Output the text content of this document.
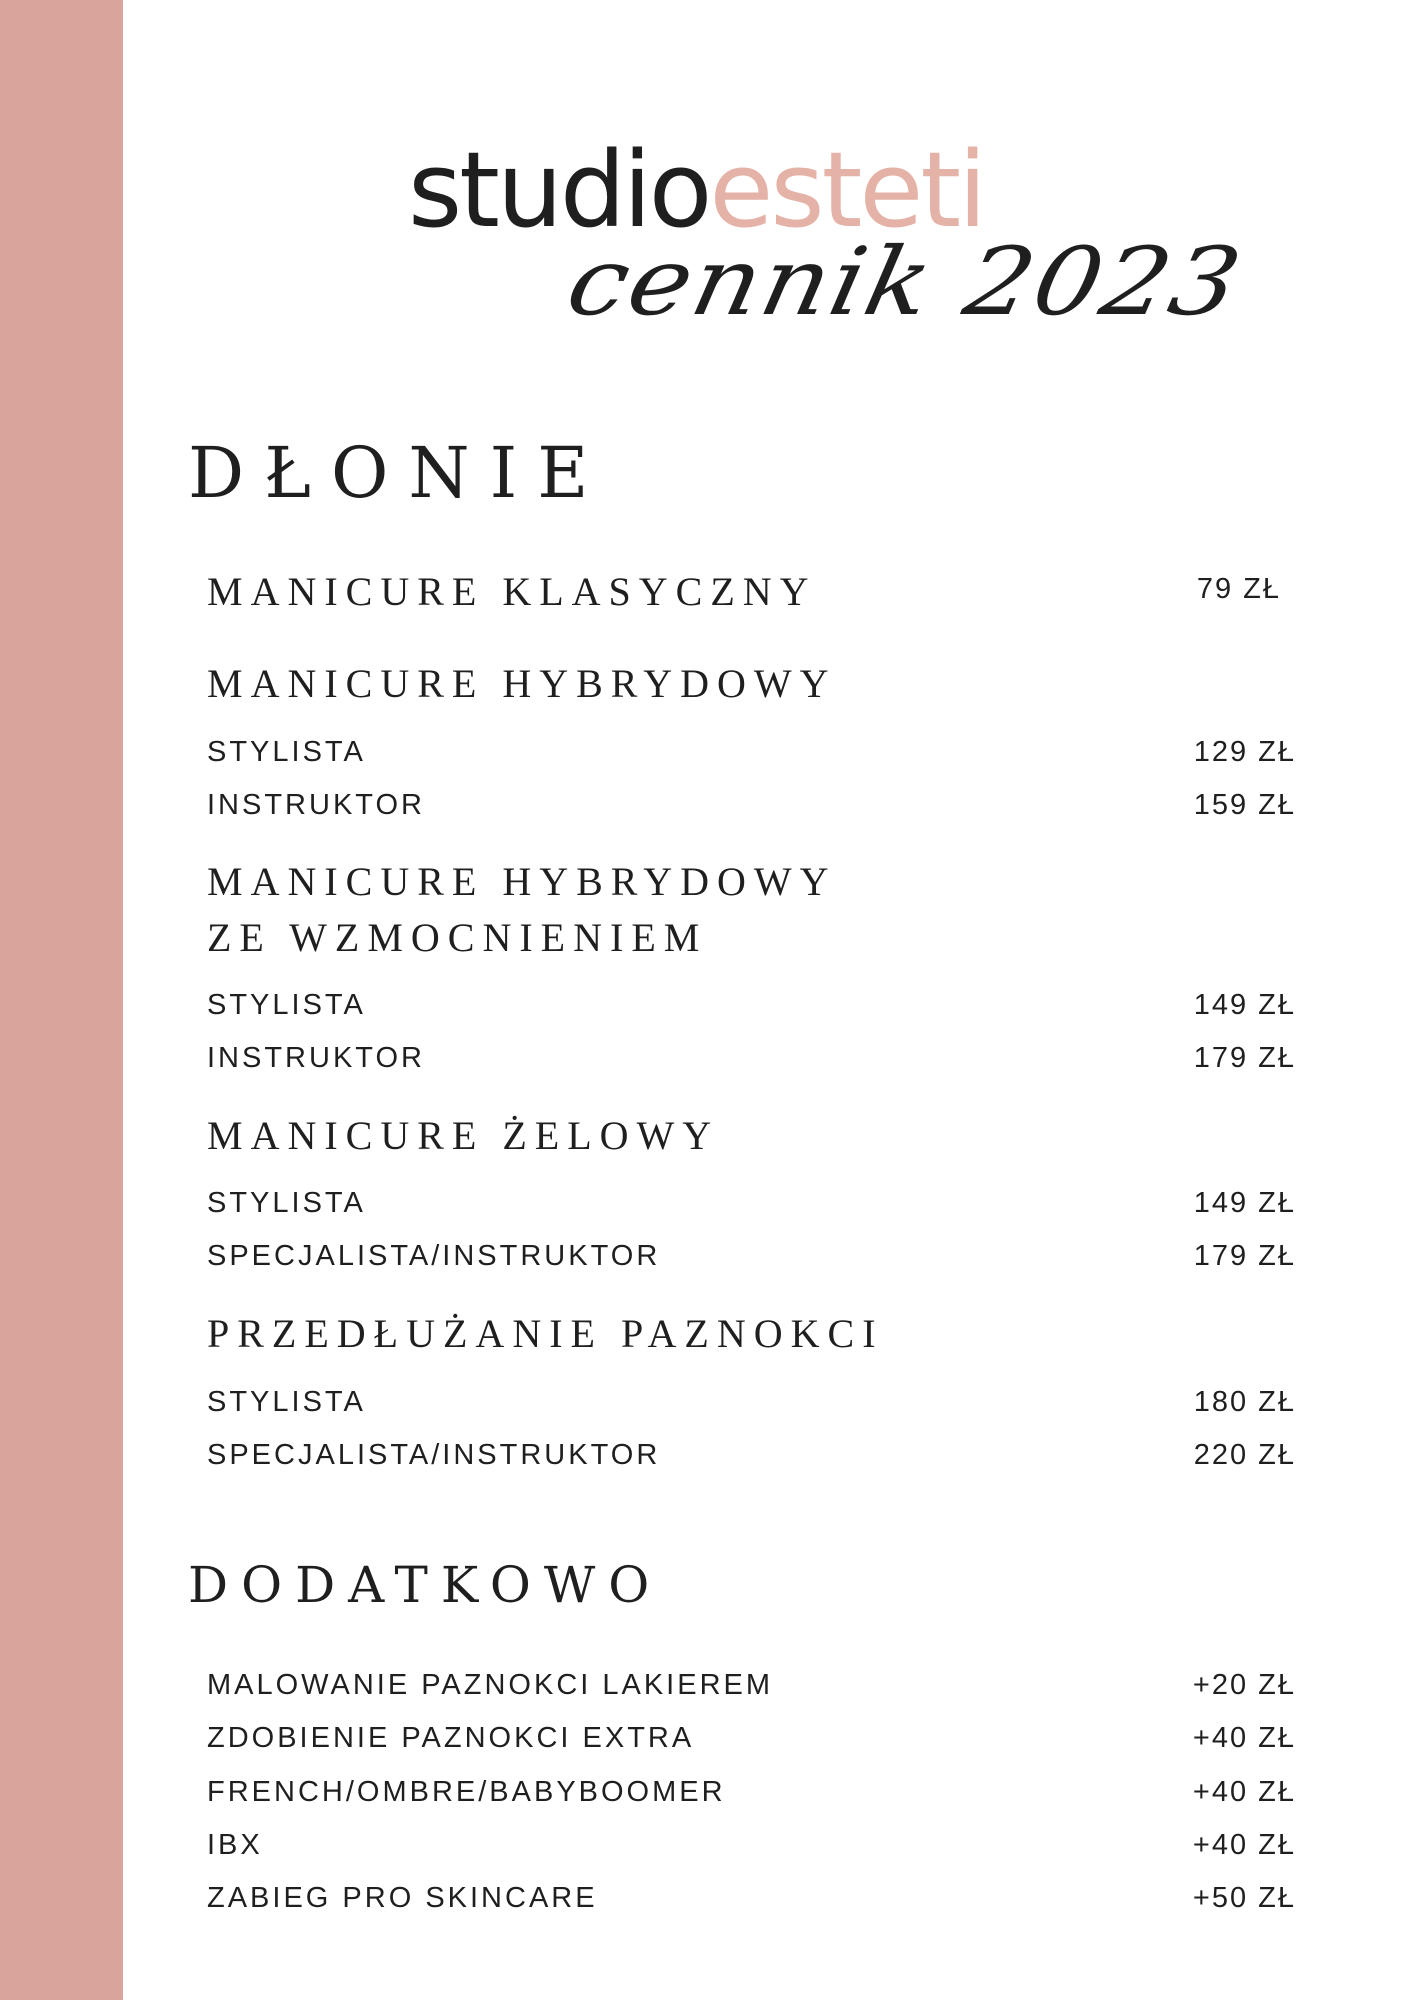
studioesteti
cennik 2023
DŁONIE
MANICURE KLASYCZNY	79 ZŁ
MANICURE HYBRYDOWY
STYLISTA	129 ZŁ
INSTRUKTOR	159 ZŁ
MANICURE HYBRYDOWY
ZE WZMOCNIENIEM
STYLISTA	149 ZŁ
INSTRUKTOR	179 ZŁ
MANICURE ŻELOWY
STYLISTA	149 ZŁ
SPECJALISTA/INSTRUKTOR	179 ZŁ
PRZEDŁUŻANIE PAZNOKCI
STYLISTA	180 ZŁ
SPECJALISTA/INSTRUKTOR	220 ZŁ
DODATKOWO
MALOWANIE PAZNOKCI LAKIEREM	+20 ZŁ
ZDOBIENIE PAZNOKCI EXTRA	+40 ZŁ
FRENCH/OMBRE/BABYBOOMER	+40 ZŁ
IBX	+40 ZŁ
ZABIEG PRO SKINCARE	+50 ZŁ
